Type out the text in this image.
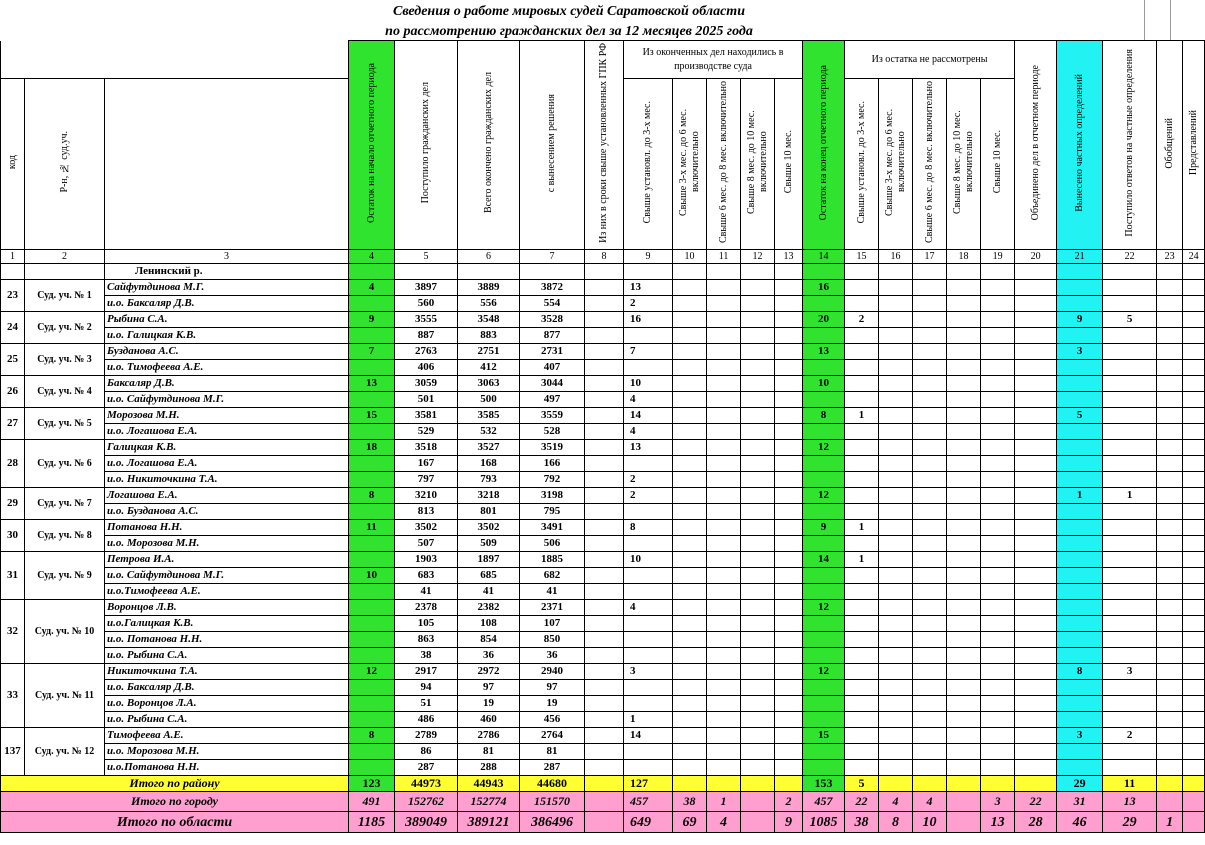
Сведения о работе мировых судей Саратовской области
по рассмотрению гражданских дел за 12 месяцев 2025 года
			Остаток на начало отчетного периода	Поступило гражданских дел	Всего окончено гражданских дел	с вынесением решения	Из них в сроки свыше установленных ГПК РФ	Из оконченных дел находились в производстве суда					Остаток на конец отчетного периода	Из остатка не рассмотрены					Объединено дел в отчетном периоде	Вынесено частных определений	Поступило ответов на частные определения	Обобщений	Представлений
код	Р-н, № суд.уч.							Свыше установл. до 3-х мес.	Свыше 3-х мес. до 6 мес. включительно	Свыше 6 мес. до 8 мес. включительно	Свыше 8 мес. до 10 мес. включительно	Свыше 10 мес.		Свыше установл. до 3-х мес.	Свыше 3-х мес. до 6 мес. включительно	Свыше 6 мес. до 8 мес. включительно	Свыше 8 мес. до 10 мес. включительно	Свыше 10 мес.					
1	2	3	4	5	6	7	8	9	10	11	12	13	14	15	16	17	18	19	20	21	22	23	24
		Ленинский р.																					
23	Суд. уч. № 1	Сайфутдинова М.Г.	4	3897	3889	3872		13					16										
		и.о. Баксаляр Д.В.		560	556	554		2															
24	Суд. уч. № 2	Рыбина С.А.	9	3555	3548	3528		16					20	2						9	5		
		и.о. Галицкая К.В.		887	883	877																	
25	Суд. уч. № 3	Бузданова А.С.	7	2763	2751	2731		7					13							3			
		и.о. Тимофеева А.Е.		406	412	407																	
26	Суд. уч. № 4	Баксаляр Д.В.	13	3059	3063	3044		10					10										
		и.о. Сайфутдинова М.Г.		501	500	497		4															
27	Суд. уч. № 5	Морозова М.Н.	15	3581	3585	3559		14					8	1						5			
		и.о. Логашова Е.А.		529	532	528		4															
28	Суд. уч. № 6	Галицкая К.В.	18	3518	3527	3519		13					12										
		и.о. Логашова Е.А.		167	168	166																	
		и.о. Никиточкина Т.А.		797	793	792		2															
29	Суд. уч. № 7	Логашова Е.А.	8	3210	3218	3198		2					12							1	1		
		и.о. Бузданова А.С.		813	801	795																	
30	Суд. уч. № 8	Потанова Н.Н.	11	3502	3502	3491		8					9	1									
		и.о. Морозова М.Н.		507	509	506																	
31	Суд. уч. № 9	Петрова И.А.		1903	1897	1885		10					14	1									
		и.о. Сайфутдинова М.Г.	10	683	685	682																	
		и.о.Тимофеева А.Е.		41	41	41																	
32	Суд. уч. № 10	Воронцов Л.В.		2378	2382	2371		4					12										
		и.о.Галицкая К.В.		105	108	107																	
		и.о. Потанова Н.Н.		863	854	850																	
		и.о. Рыбина С.А.		38	36	36																	
33	Суд. уч. № 11	Никиточкина Т.А.	12	2917	2972	2940		3					12							8	3		
		и.о. Баксаляр Д.В.		94	97	97																	
		и.о. Воронцов Л.А.		51	19	19																	
		и.о. Рыбина С.А.		486	460	456		1															
137	Суд. уч. № 12	Тимофеева А.Е.	8	2789	2786	2764		14					15							3	2		
		и.о. Морозова М.Н.		86	81	81																	
		и.о.Потанова Н.Н.		287	288	287																	
Итого по району			123	44973	44943	44680		127					153	5						29	11		
Итого по городу			491	152762	152774	151570		457	38	1		2	457	22	4	4		3	22	31	13		
Итого по области			1185	389049	389121	386496		649	69	4		9	1085	38	8	10		13	28	46	29	1	
